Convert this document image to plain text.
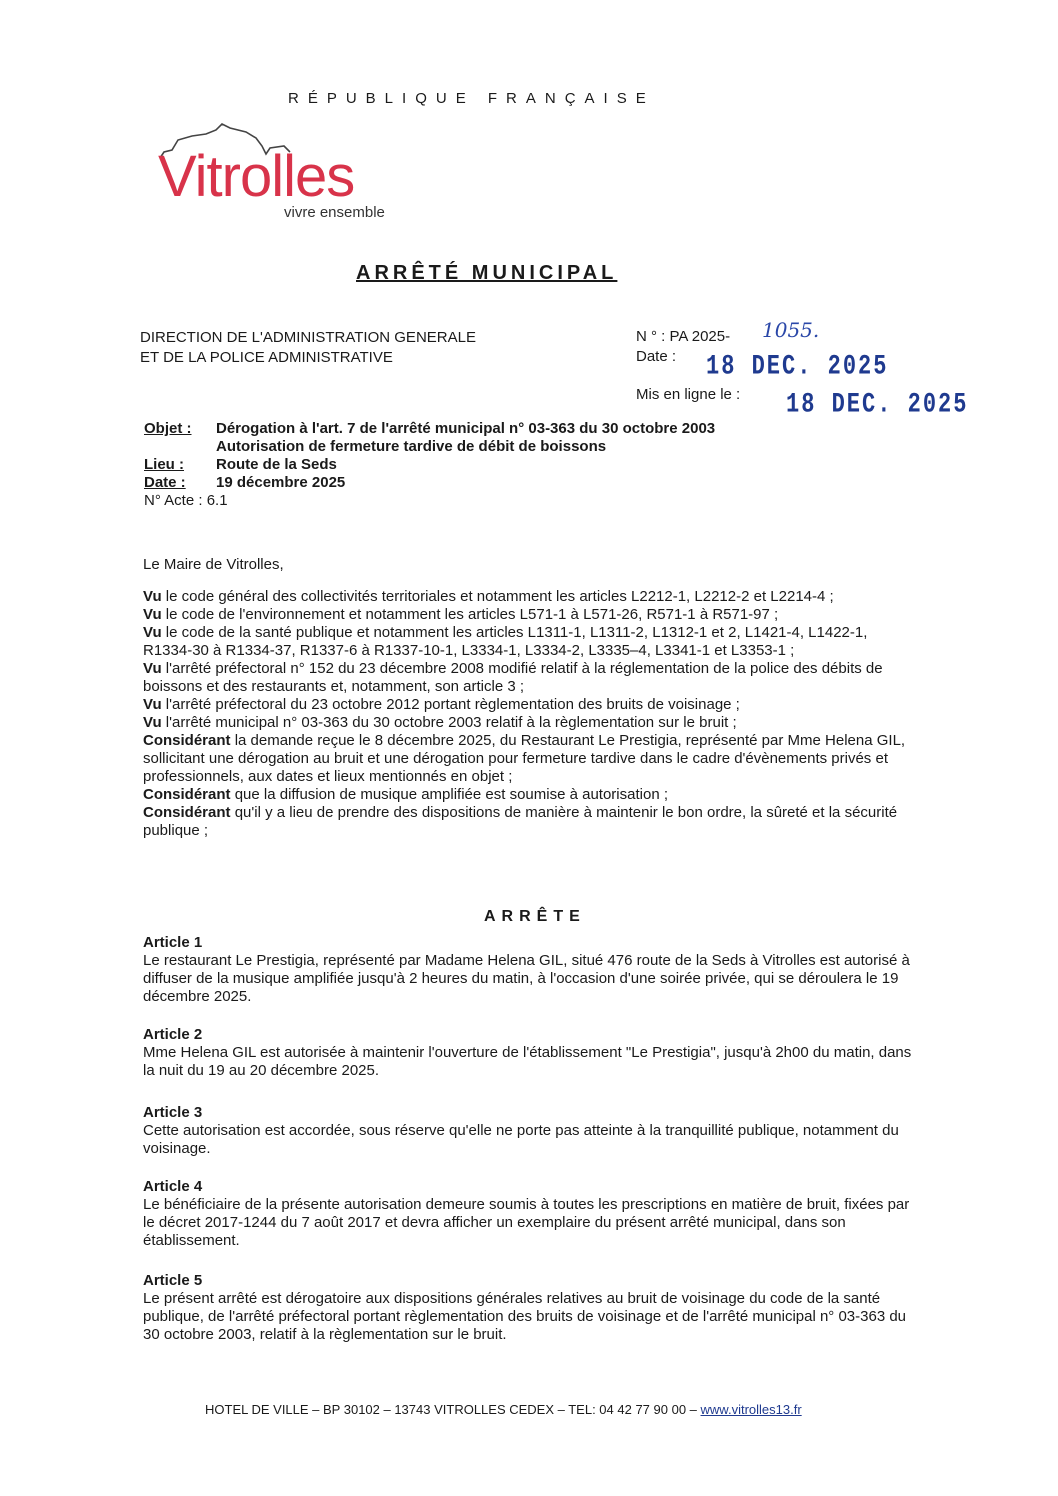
RÉPUBLIQUE FRANÇAISE
Vitrolles
vivre ensemble
ARRÊTÉ MUNICIPAL
DIRECTION DE L'ADMINISTRATION GENERALE
ET DE LA POLICE ADMINISTRATIVE
N ° : PA 2025- 1055.
Date : 18 DEC. 2025
Mis en ligne le : 18 DEC. 2025
Objet : Dérogation à l'art. 7 de l'arrêté municipal n° 03-363 du 30 octobre 2003
Autorisation de fermeture tardive de débit de boissons
Lieu : Route de la Seds
Date : 19 décembre 2025
N° Acte : 6.1
Le Maire de Vitrolles,

Vu le code général des collectivités territoriales et notamment les articles L2212-1, L2212-2 et L2214-4 ;

Vu le code de l'environnement et notamment les articles L571-1 à L571-26, R571-1 à R571-97 ;

Vu le code de la santé publique et notamment les articles L1311-1, L1311-2, L1312-1 et 2, L1421-4, L1422-1, R1334-30 à R1334-37, R1337-6 à R1337-10-1, L3334-1, L3334-2, L3335–4, L3341-1 et L3353-1 ;

Vu l'arrêté préfectoral n° 152 du 23 décembre 2008 modifié relatif à la réglementation de la police des débits de boissons et des restaurants et, notamment, son article 3 ;

Vu l'arrêté préfectoral du 23 octobre 2012 portant règlementation des bruits de voisinage ;

Vu l'arrêté municipal n° 03-363 du 30 octobre 2003 relatif à la règlementation sur le bruit ;

Considérant la demande reçue le 8 décembre 2025, du Restaurant Le Prestigia, représenté par Mme Helena GIL, sollicitant une dérogation au bruit et une dérogation pour fermeture tardive dans le cadre d'évènements privés et professionnels, aux dates et lieux mentionnés en objet ;

Considérant que la diffusion de musique amplifiée est soumise à autorisation ;

Considérant qu'il y a lieu de prendre des dispositions de manière à maintenir le bon ordre, la sûreté et la sécurité publique ;

ARRÊTE
Article 1

Le restaurant Le Prestigia, représenté par Madame Helena GIL, situé 476 route de la Seds à Vitrolles est autorisé à diffuser de la musique amplifiée jusqu'à 2 heures du matin, à l'occasion d'une soirée privée, qui se déroulera le 19 décembre 2025.

Article 2

Mme Helena GIL est autorisée à maintenir l'ouverture de l'établissement "Le Prestigia", jusqu'à 2h00 du matin, dans la nuit du 19 au 20 décembre 2025.

Article 3

Cette autorisation est accordée, sous réserve qu'elle ne porte pas atteinte à la tranquillité publique, notamment du voisinage.

Article 4

Le bénéficiaire de la présente autorisation demeure soumis à toutes les prescriptions en matière de bruit, fixées par le décret 2017-1244 du 7 août 2017 et devra afficher un exemplaire du présent arrêté municipal, dans son établissement.

Article 5

Le présent arrêté est dérogatoire aux dispositions générales relatives au bruit de voisinage du code de la santé publique, de l'arrêté préfectoral portant règlementation des bruits de voisinage et de l'arrêté municipal n° 03-363 du 30 octobre 2003, relatif à la règlementation sur le bruit.

HOTEL DE VILLE – BP 30102 – 13743 VITROLLES CEDEX – TEL: 04 42 77 90 00 – www.vitrolles13.fr
